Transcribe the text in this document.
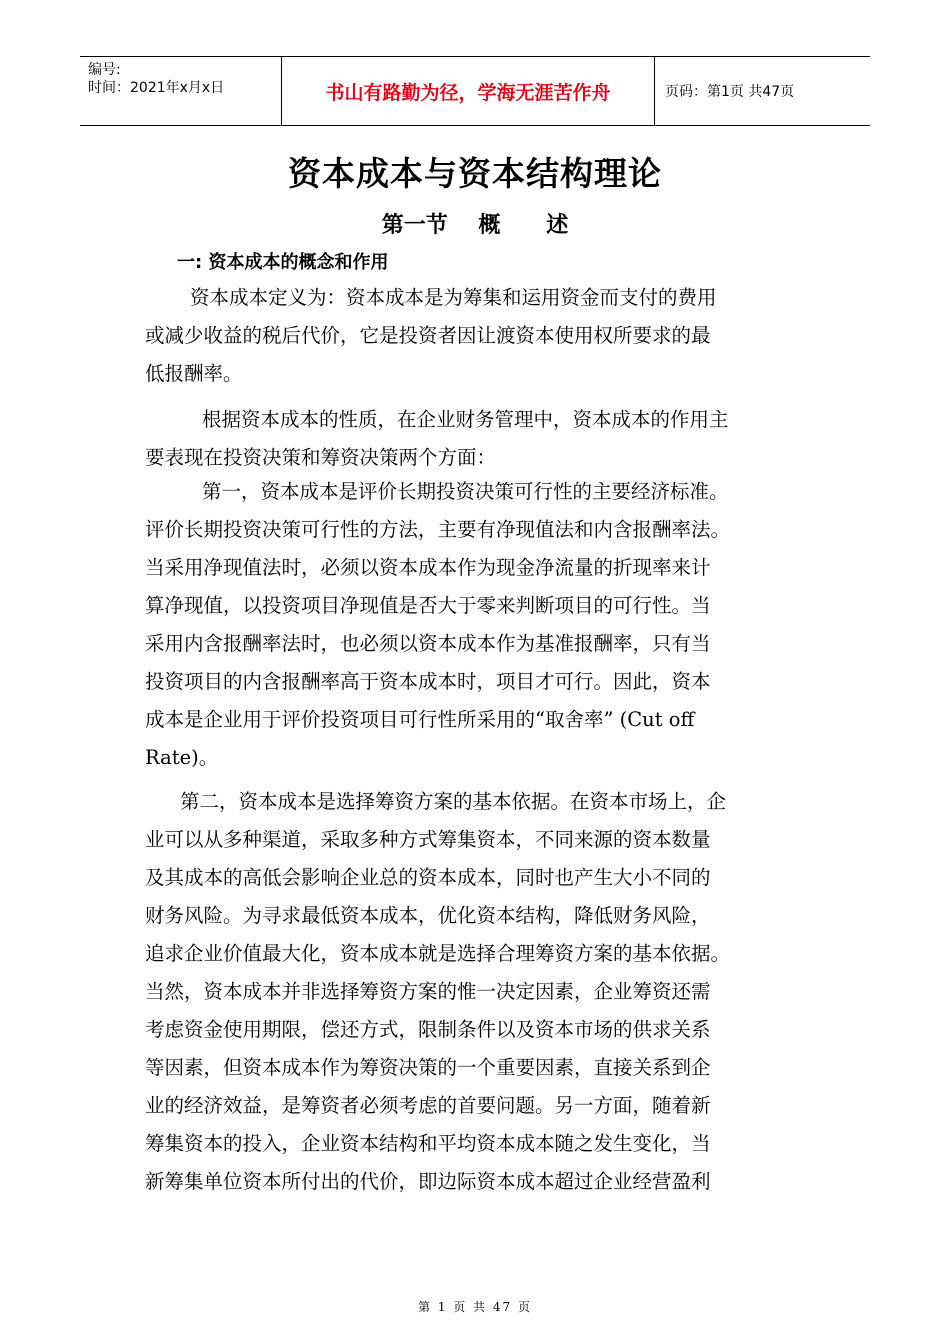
编号:
时间：2021年x月x日	书山有路勤为径，学海无涯苦作舟	页码：第1页 共47页
资本成本与资本结构理论
第一节    概      述
一: 资本成本的概念和作用
资本成本定义为：资本成本是为筹集和运用资金而支付的费用
或减少收益的税后代价，它是投资者因让渡资本使用权所要求的最
低报酬率。
根据资本成本的性质，在企业财务管理中，资本成本的作用主
要表现在投资决策和筹资决策两个方面：
第一，资本成本是评价长期投资决策可行性的主要经济标准。
评价长期投资决策可行性的方法，主要有净现值法和内含报酬率法。
当采用净现值法时，必须以资本成本作为现金净流量的折现率来计
算净现值，以投资项目净现值是否大于零来判断项目的可行性。当
采用内含报酬率法时，也必须以资本成本作为基准报酬率，只有当
投资项目的内含报酬率高于资本成本时，项目才可行。因此，资本
成本是企业用于评价投资项目可行性所采用的“取舍率” (Cut off
Rate)。
第二，资本成本是选择筹资方案的基本依据。在资本市场上，企
业可以从多种渠道，采取多种方式筹集资本，不同来源的资本数量
及其成本的高低会影响企业总的资本成本，同时也产生大小不同的
财务风险。为寻求最低资本成本，优化资本结构，降低财务风险，
追求企业价值最大化，资本成本就是选择合理筹资方案的基本依据。
当然，资本成本并非选择筹资方案的惟一决定因素，企业筹资还需
考虑资金使用期限，偿还方式，限制条件以及资本市场的供求关系
等因素，但资本成本作为筹资决策的一个重要因素，直接关系到企
业的经济效益，是筹资者必须考虑的首要问题。另一方面，随着新
筹集资本的投入，企业资本结构和平均资本成本随之发生变化，当
新筹集单位资本所付出的代价，即边际资本成本超过企业经营盈利
第 1 页 共 47 页
